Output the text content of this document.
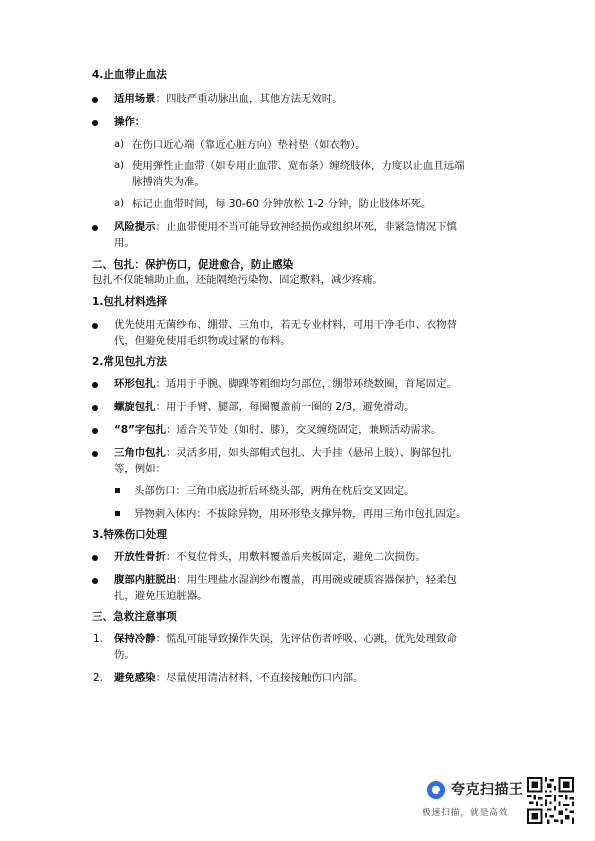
4.止血带止血法
适用场景：四肢严重动脉出血，其他方法无效时。
操作：
a) 在伤口近心端（靠近心脏方向）垫衬垫（如衣物）。
a) 使用弹性止血带（如专用止血带、宽布条）缠绕肢体，力度以止血且远端
脉搏消失为准。
a) 标记止血带时间，每 30-60 分钟放松 1-2 分钟，防止肢体坏死。
风险提示：止血带使用不当可能导致神经损伤或组织坏死，非紧急情况下慎
用。
二、包扎：保护伤口，促进愈合，防止感染
包扎不仅能辅助止血，还能隔绝污染物、固定敷料，减少疼痛。
1.包扎材料选择
优先使用无菌纱布、绷带、三角巾，若无专业材料，可用干净毛巾、衣物替
代，但避免使用毛织物或过紧的布料。
2.常见包扎方法
环形包扎：适用于手腕、脚踝等粗细均匀部位，绷带环绕数圈，首尾固定。
螺旋包扎：用于手臂、腿部，每圈覆盖前一圈的 2/3，避免滑动。
“8”字包扎：适合关节处（如肘、膝），交叉缠绕固定，兼顾活动需求。
三角巾包扎：灵活多用，如头部帽式包扎、大手挂（悬吊上肢）、胸部包扎
等，例如：
头部伤口：三角巾底边折后环绕头部，两角在枕后交叉固定。
异物刺入体内：不拔除异物，用环形垫支撑异物，再用三角巾包扎固定。
3.特殊伤口处理
开放性骨折：不复位骨头，用敷料覆盖后夹板固定，避免二次损伤。
腹部内脏脱出：用生理盐水湿润纱布覆盖，再用碗或硬质容器保护，轻柔包
扎，避免压迫脏器。
三、急救注意事项
1. 保持冷静：慌乱可能导致操作失误，先评估伤者呼吸、心跳，优先处理致命
伤。
2. 避免感染：尽量使用清洁材料，不直接接触伤口内部。
夸克扫描王
极速扫描，就是高效
